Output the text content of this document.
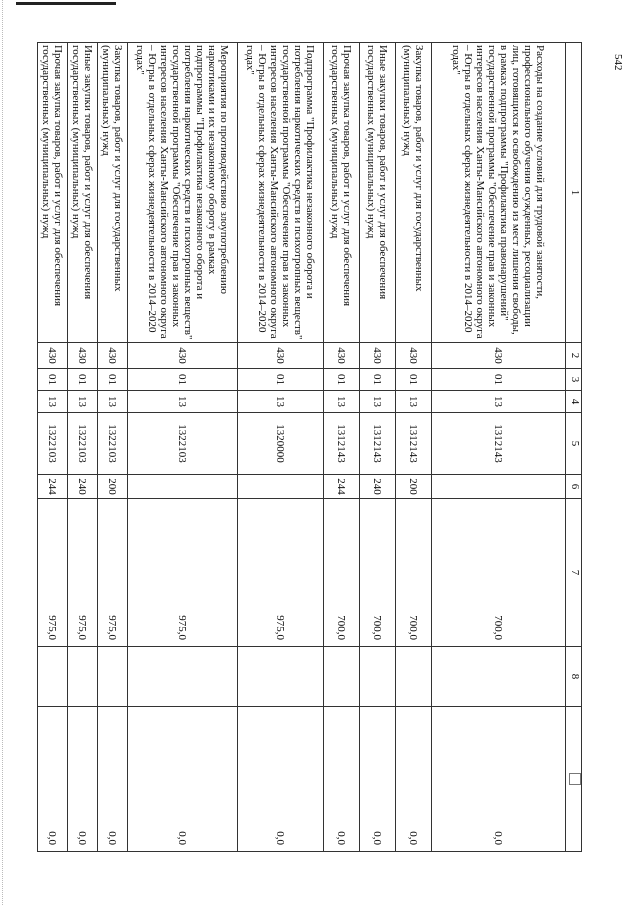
542
1	2	3	4	5	6	7	8	
Расходы на создание условий для трудовой занятости, профессионального обучения осужденных, ресоциализации лиц, готовящихся к освобождению из мест лишения свободы, в рамках подпрограммы "Профилактика правонарушений" государственной программы "Обеспечение прав и законных интересов населения Ханты-Мансийского автономного округа – Югры в отдельных сферах жизнедеятельности в 2014–2020 годах"	430	01	13	1312143		700,0		0,0
Закупка товаров, работ и услуг для государственных (муниципальных) нужд	430	01	13	1312143	200	700,0		0,0
Иные закупки товаров, работ и услуг для обеспечения государственных (муниципальных) нужд	430	01	13	1312143	240	700,0		0,0
Прочая закупка товаров, работ и услуг для обеспечения государственных (муниципальных) нужд	430	01	13	1312143	244	700,0		0,0
Подпрограмма "Профилактика незаконного оборота и потребления наркотических средств и психотропных веществ" государственной программы "Обеспечение прав и законных интересов населения Ханты-Мансийского автономного округа – Югры в отдельных сферах жизнедеятельности в 2014–2020 годах"	430	01	13	1320000		975,0		0,0
Мероприятия по противодействию злоупотреблению наркотиками и их незаконному обороту в рамках подпрограммы "Профилактика незаконного оборота и потребления наркотических средств и психотропных веществ" государственной программы "Обеспечение прав и законных интересов населения Ханты-Мансийского автономного округа – Югры в отдельных сферах жизнедеятельности в 2014–2020 годах"	430	01	13	1322103		975,0		0,0
Закупка товаров, работ и услуг для государственных (муниципальных) нужд	430	01	13	1322103	200	975,0		0,0
Иные закупки товаров, работ и услуг для обеспечения государственных (муниципальных) нужд	430	01	13	1322103	240	975,0		0,0
Прочая закупка товаров, работ и услуг для обеспечения государственных (муниципальных) нужд	430	01	13	1322103	244	975,0		0,0
